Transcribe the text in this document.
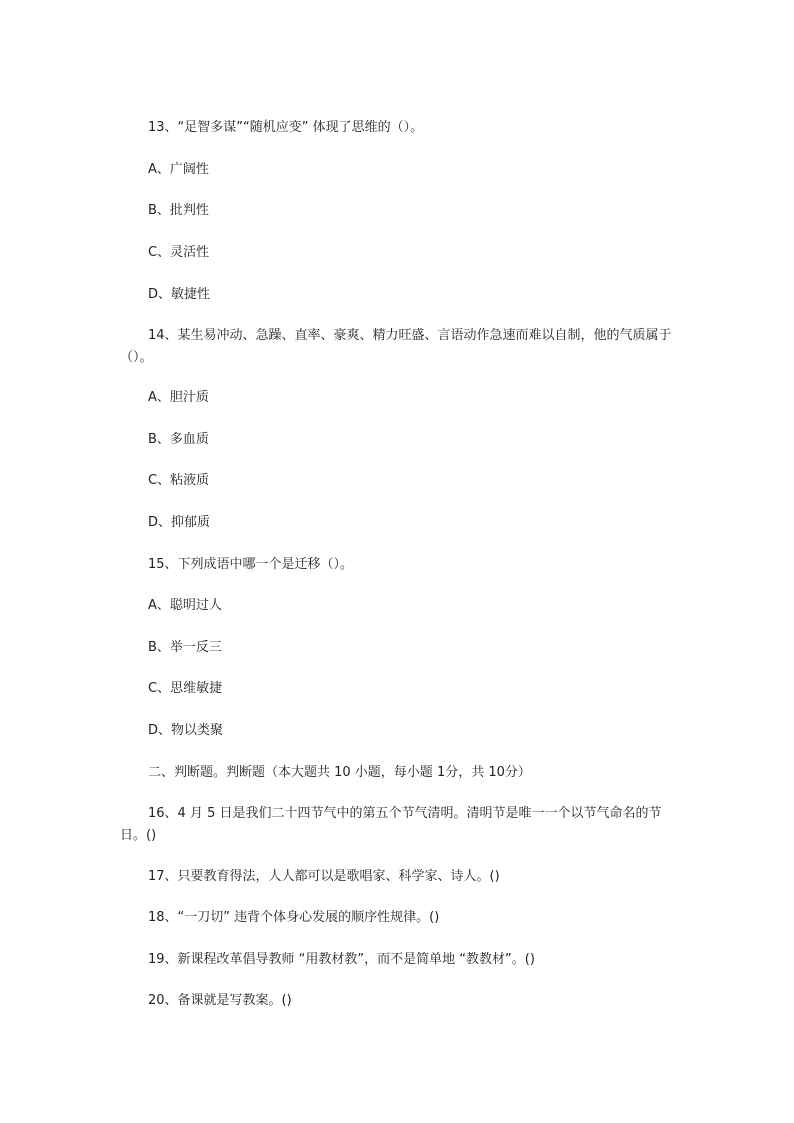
13、“足智多谋”“随机应变” 体现了思维的（）。
A、广阔性
B、批判性
C、灵活性
D、敏捷性
14、某生易冲动、急躁、直率、豪爽、精力旺盛、言语动作急速而难以自制，他的气质属于（）。
A、胆汁质
B、多血质
C、粘液质
D、抑郁质
15、下列成语中哪一个是迁移（）。
A、聪明过人
B、举一反三
C、思维敏捷
D、物以类聚
二、判断题。判断题（本大题共 10 小题，每小题 1分，共 10分）
16、4 月 5 日是我们二十四节气中的第五个节气清明。清明节是唯一一个以节气命名的节日。()
17、只要教育得法，人人都可以是歌唱家、科学家、诗人。()
18、“一刀切” 违背个体身心发展的顺序性规律。()
19、新课程改革倡导教师 “用教材教”，而不是简单地 “教教材”。()
20、备课就是写教案。()
